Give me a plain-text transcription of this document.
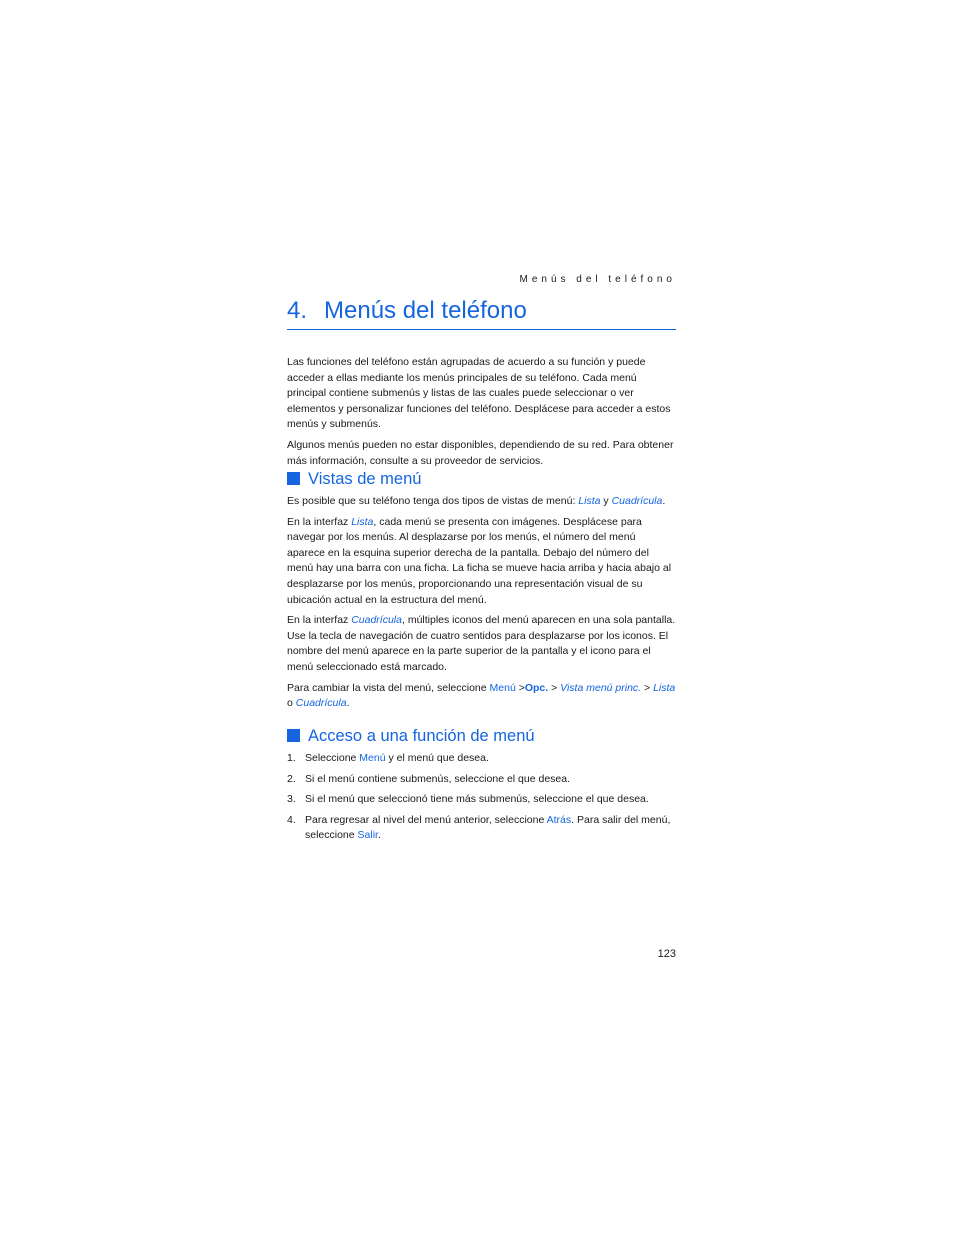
Menús del teléfono
4. Menús del teléfono

Las funciones del teléfono están agrupadas de acuerdo a su función y puede acceder a ellas mediante los menús principales de su teléfono. Cada menú principal contiene submenús y listas de las cuales puede seleccionar o ver elementos y personalizar funciones del teléfono. Desplácese para acceder a estos menús y submenús.

Algunos menús pueden no estar disponibles, dependiendo de su red. Para obtener más información, consulte a su proveedor de servicios.

Vistas de menú

Es posible que su teléfono tenga dos tipos de vistas de menú: Lista y Cuadrícula.

En la interfaz Lista, cada menú se presenta con imágenes. Desplácese para navegar por los menús. Al desplazarse por los menús, el número del menú aparece en la esquina superior derecha de la pantalla. Debajo del número del menú hay una barra con una ficha. La ficha se mueve hacia arriba y hacia abajo al desplazarse por los menús, proporcionando una representación visual de su ubicación actual en la estructura del menú.

En la interfaz Cuadrícula, múltiples iconos del menú aparecen en una sola pantalla. Use la tecla de navegación de cuatro sentidos para desplazarse por los iconos. El nombre del menú aparece en la parte superior de la pantalla y el icono para el menú seleccionado está marcado.

Para cambiar la vista del menú, seleccione Menú >Opc. > Vista menú princ. > Lista o Cuadrícula.

Acceso a una función de menú
1. Seleccione Menú y el menú que desea.
2. Si el menú contiene submenús, seleccione el que desea.
3. Si el menú que seleccionó tiene más submenús, seleccione el que desea.
4. Para regresar al nivel del menú anterior, seleccione Atrás. Para salir del menú, seleccione Salir.
123
